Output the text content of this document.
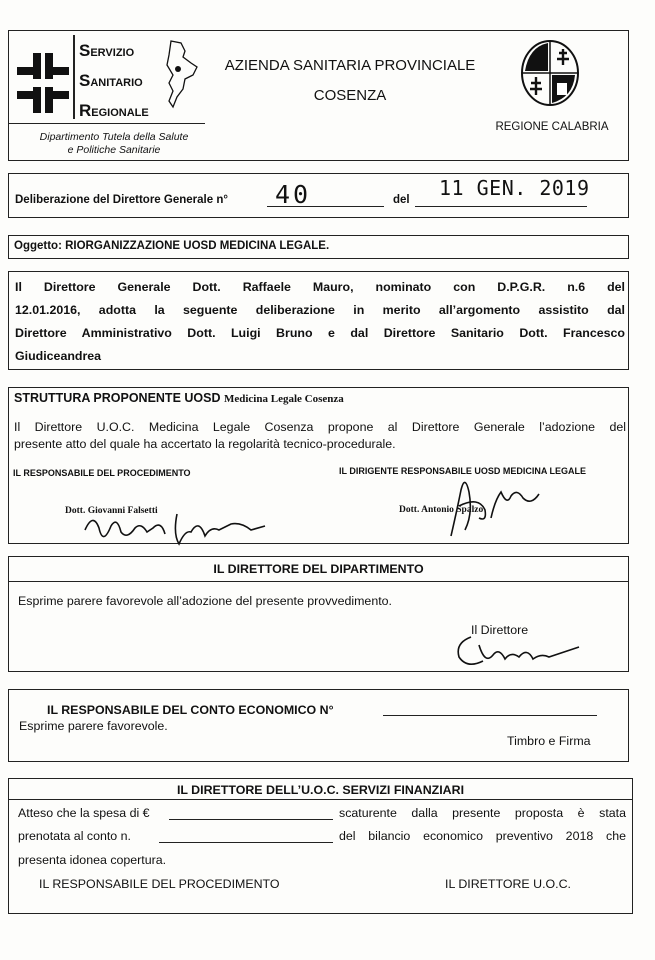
SERVIZIO
SANITARIO
REGIONALE
Dipartimento Tutela della Salute
e Politiche Sanitarie
AZIENDA SANITARIA PROVINCIALE
COSENZA
REGIONE CALABRIA
Deliberazione del Direttore Generale n° 40	del 11 GEN. 2019
Oggetto: RIORGANIZZAZIONE UOSD MEDICINA LEGALE.
Il Direttore Generale Dott. Raffaele Mauro, nominato con D.P.G.R. n.6 del
12.01.2016, adotta la seguente deliberazione in merito all’argomento assistito dal
Direttore Amministrativo Dott. Luigi Bruno e dal Direttore Sanitario Dott. Francesco
Giudiceandrea
STRUTTURA PROPONENTE UOSD Medicina Legale Cosenza
Il Direttore U.O.C. Medicina Legale Cosenza propone al Direttore Generale l’adozione del
presente atto del quale ha accertato la regolarità tecnico-procedurale.
IL RESPONSABILE DEL PROCEDIMENTO	IL DIRIGENTE RESPONSABILE UOSD MEDICINA LEGALE
Dott. Giovanni Falsetti	Dott. Antonio Spalzo
IL DIRETTORE DEL DIPARTIMENTO
Esprime parere favorevole all’adozione del presente provvedimento.
Il Direttore
IL RESPONSABILE DEL CONTO ECONOMICO N°
Esprime parere favorevole.
Timbro e Firma
IL DIRETTORE DELL’U.O.C. SERVIZI FINANZIARI
Atteso che la spesa di €	scaturente dalla presente proposta è stata
prenotata al conto n.	del bilancio economico preventivo 2018 che
presenta idonea copertura.
IL RESPONSABILE DEL PROCEDIMENTO	IL DIRETTORE U.O.C.
